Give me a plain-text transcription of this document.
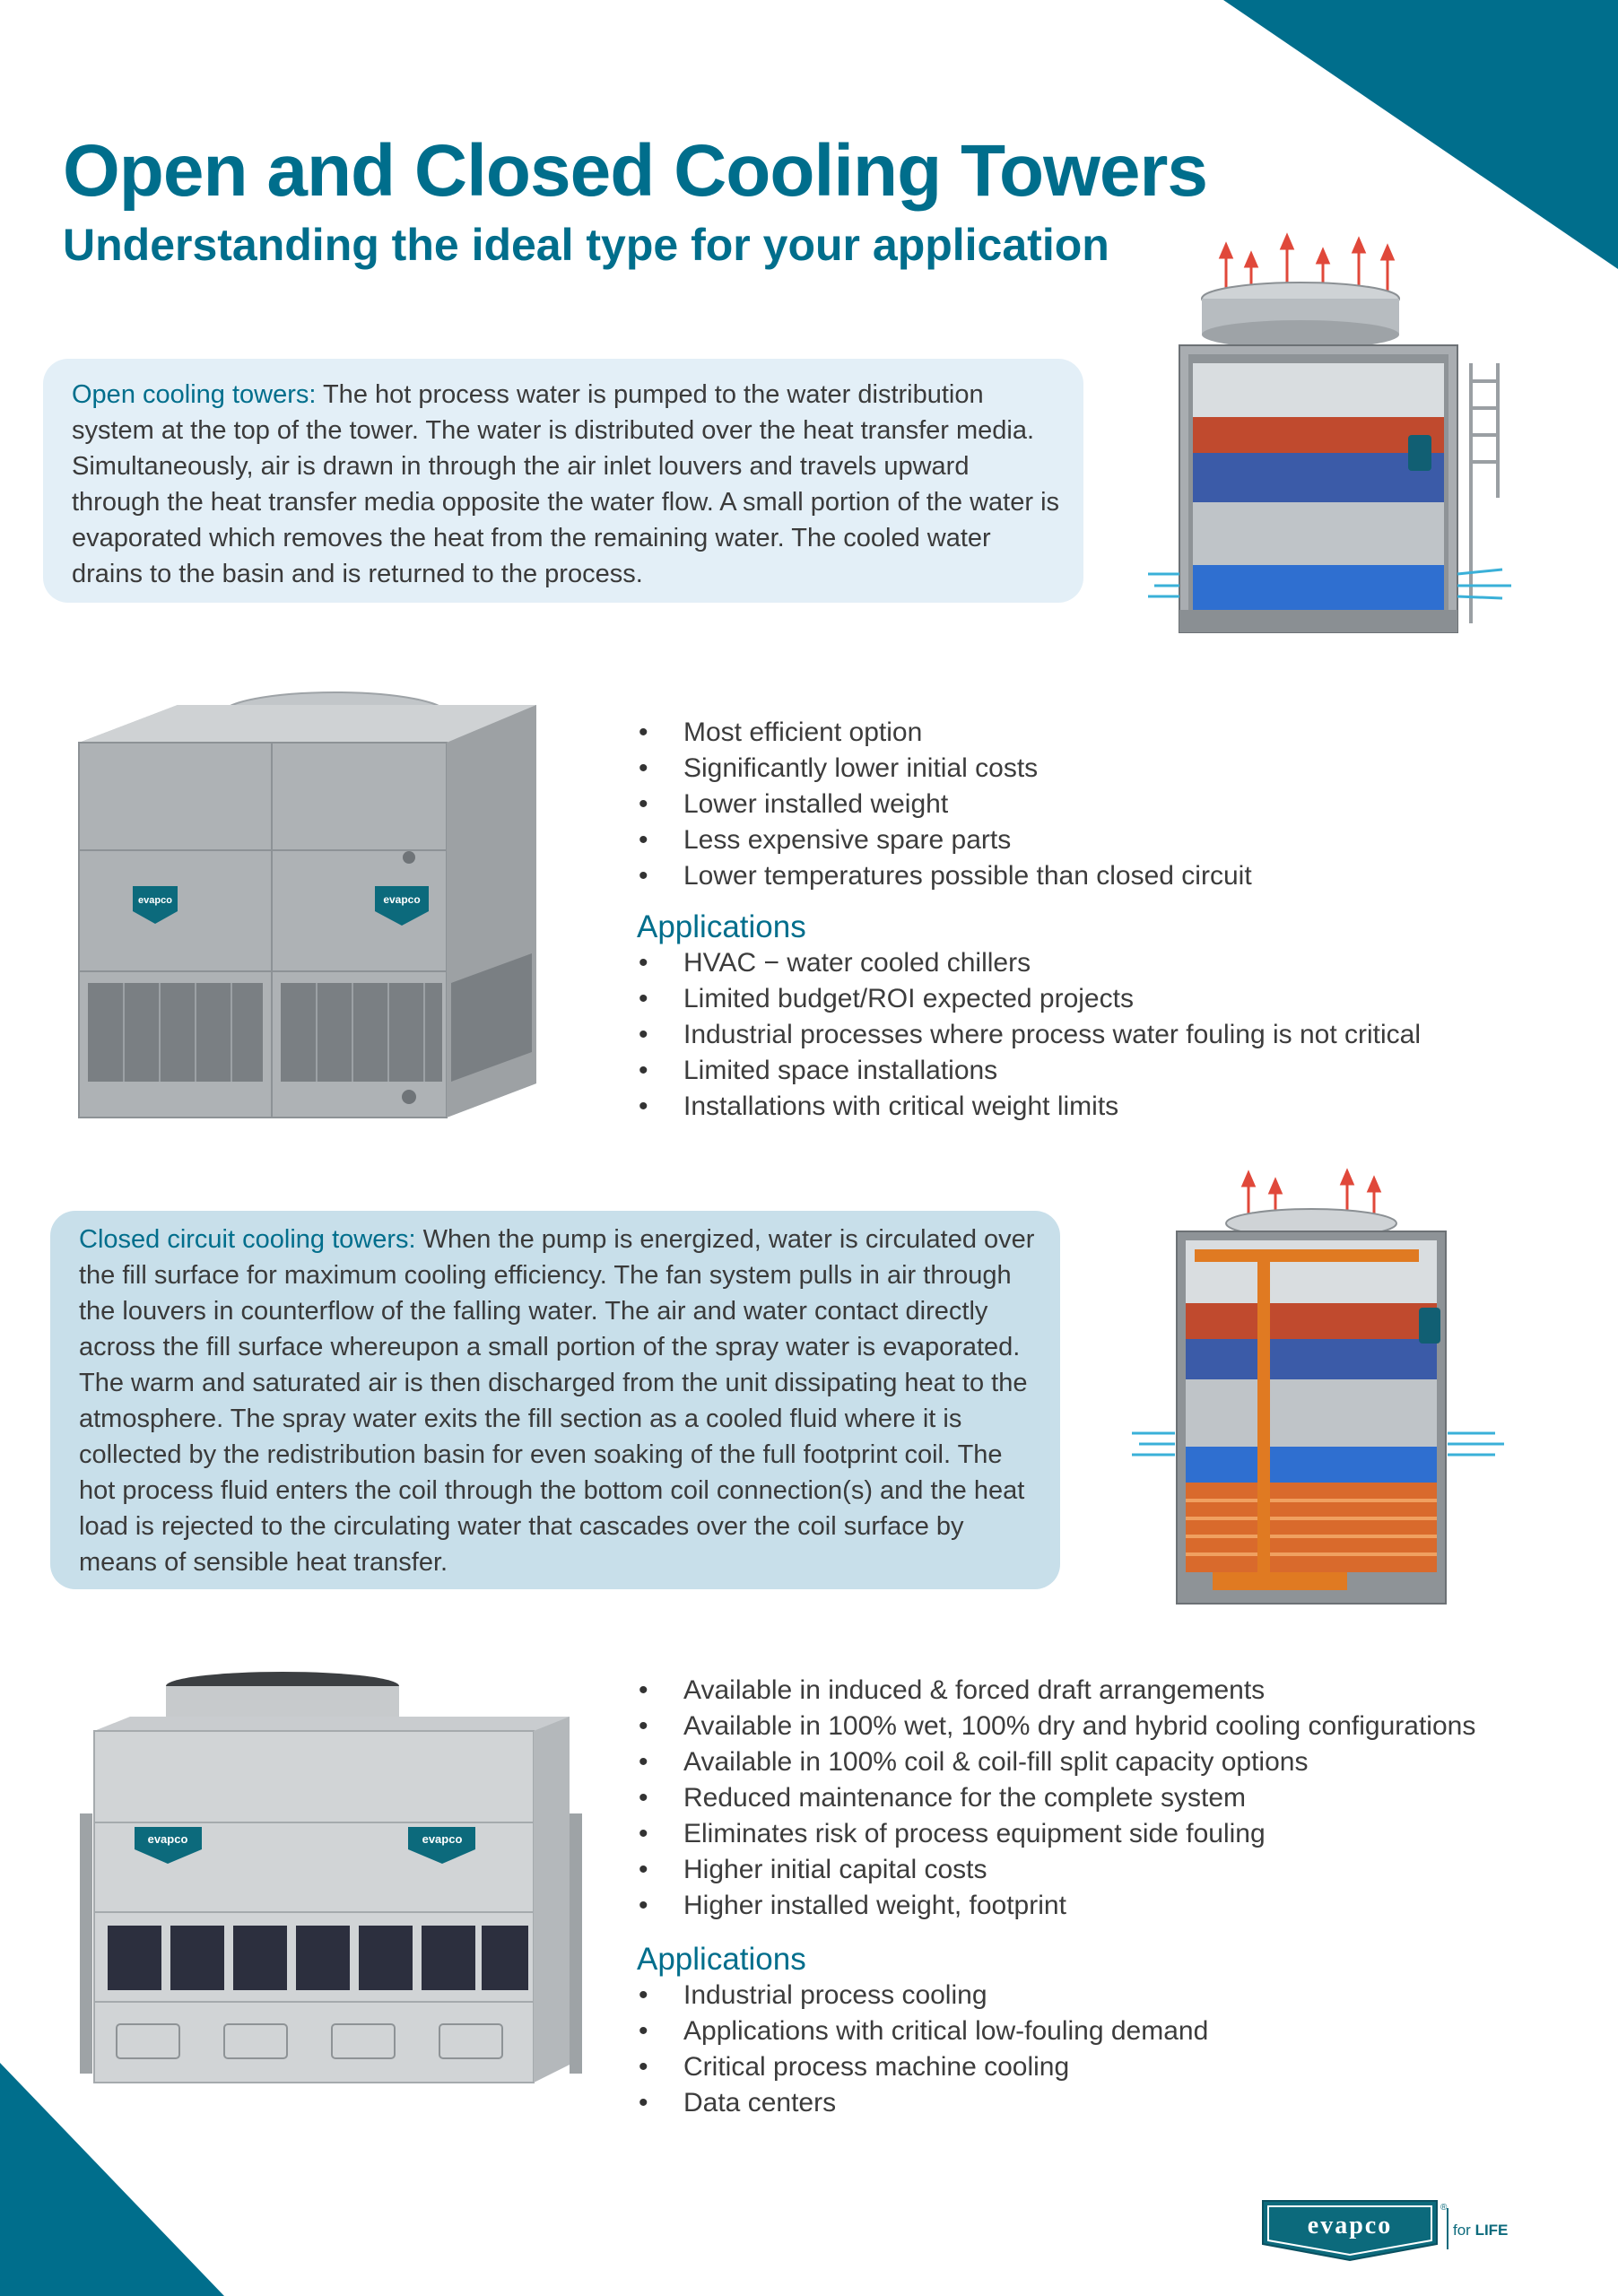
Open and Closed Cooling Towers
Understanding the ideal type for your application
Open cooling towers: The hot process water is pumped to the water distribution system at the top of the tower. The water is distributed over the heat transfer media. Simultaneously, air is drawn in through the air inlet louvers and travels upward through the heat transfer media opposite the water flow. A small portion of the water is evaporated which removes the heat from the remaining water. The cooled water drains to the basin and is returned to the process.
evapco	evapco
• Most efficient option
• Significantly lower initial costs
• Lower installed weight
• Less expensive spare parts
• Lower temperatures possible than closed circuit
Applications
• HVAC − water cooled chillers
• Limited budget/ROI expected projects
• Industrial processes where process water fouling is not critical
• Limited space installations
• Installations with critical weight limits
Closed circuit cooling towers: When the pump is energized, water is circulated over the fill surface for maximum cooling efficiency. The fan system pulls in air through the louvers in counterflow of the falling water. The air and water contact directly across the fill surface whereupon a small portion of the spray water is evaporated. The warm and saturated air is then discharged from the unit dissipating heat to the atmosphere. The spray water exits the fill section as a cooled fluid where it is collected by the redistribution basin for even soaking of the full footprint coil. The hot process fluid enters the coil through the bottom coil connection(s) and the heat load is rejected to the circulating water that cascades over the coil surface by means of sensible heat transfer.
evapco	evapco
• Available in induced & forced draft arrangements
• Available in 100% wet, 100% dry and hybrid cooling configurations
• Available in 100% coil & coil-fill split capacity options
• Reduced maintenance for the complete system
• Eliminates risk of process equipment side fouling
• Higher initial capital costs
• Higher installed weight, footprint
Applications
• Industrial process cooling
• Applications with critical low-fouling demand
• Critical process machine cooling
• Data centers
evapco
®
for LIFE
